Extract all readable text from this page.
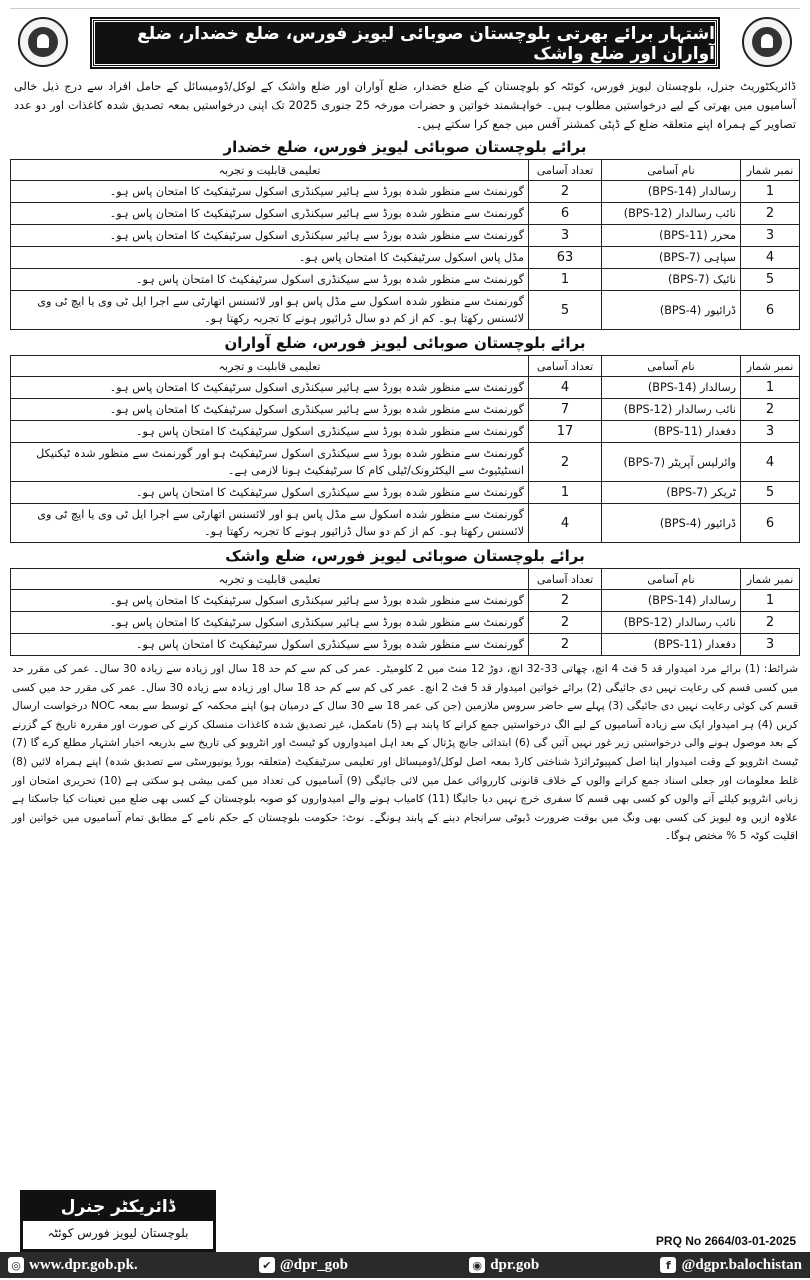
اشتہار برائے بھرتی بلوچستان صوبائی لیویز فورس، ضلع خضدار، ضلع آواران اور ضلع واشک
ڈائریکٹوریٹ جنرل، بلوچستان لیویز فورس، کوئٹہ کو بلوچستان کے ضلع خضدار، ضلع آواران اور ضلع واشک کے لوکل/ڈومیسائل کے حامل افراد سے درج ذیل خالی آسامیوں میں بھرتی کے لیے درخواستیں مطلوب ہیں۔ خواہشمند خواتین و حضرات مورخہ 25 جنوری 2025 تک اپنی درخواستیں بمعہ تصدیق شدہ کاغذات اور دو عدد تصاویر کے ہمراہ اپنے متعلقہ ضلع کے ڈپٹی کمشنر آفس میں جمع کرا سکتے ہیں۔
برائے بلوچستان صوبائی لیویز فورس، ضلع خضدار
نمبر شمار	نام آسامی	تعداد آسامی	تعلیمی قابلیت و تجربہ
1	رسالدار (BPS-14)	2	گورنمنٹ سے منظور شدہ بورڈ سے ہائیر سیکنڈری اسکول سرٹیفکیٹ کا امتحان پاس ہو۔
2	نائب رسالدار (BPS-12)	6	گورنمنٹ سے منظور شدہ بورڈ سے ہائیر سیکنڈری اسکول سرٹیفکیٹ کا امتحان پاس ہو۔
3	محرر (BPS-11)	3	گورنمنٹ سے منظور شدہ بورڈ سے ہائیر سیکنڈری اسکول سرٹیفکیٹ کا امتحان پاس ہو۔
4	سپاہی (BPS-7)	63	مڈل پاس اسکول سرٹیفکیٹ کا امتحان پاس ہو۔
5	نائیک (BPS-7)	1	گورنمنٹ سے منظور شدہ بورڈ سے سیکنڈری اسکول سرٹیفکیٹ کا امتحان پاس ہو۔
6	ڈرائیور (BPS-4)	5	گورنمنٹ سے منظور شدہ اسکول سے مڈل پاس ہو اور لائسنس اتھارٹی سے اجرا ایل ٹی وی یا ایچ ٹی وی لائسنس رکھتا ہو۔ کم از کم دو سال ڈرائیور ہونے کا تجربہ رکھتا ہو۔
برائے بلوچستان صوبائی لیویز فورس، ضلع آواران
نمبر شمار	نام آسامی	تعداد آسامی	تعلیمی قابلیت و تجربہ
1	رسالدار (BPS-14)	4	گورنمنٹ سے منظور شدہ بورڈ سے ہائیر سیکنڈری اسکول سرٹیفکیٹ کا امتحان پاس ہو۔
2	نائب رسالدار (BPS-12)	7	گورنمنٹ سے منظور شدہ بورڈ سے ہائیر سیکنڈری اسکول سرٹیفکیٹ کا امتحان پاس ہو۔
3	دفعدار (BPS-11)	17	گورنمنٹ سے منظور شدہ بورڈ سے سیکنڈری اسکول سرٹیفکیٹ کا امتحان پاس ہو۔
4	وائرلیس آپریٹر (BPS-7)	2	گورنمنٹ سے منظور شدہ بورڈ سے سیکنڈری اسکول سرٹیفکیٹ ہو اور گورنمنٹ سے منظور شدہ ٹیکنیکل انسٹیٹیوٹ سے الیکٹرونک/ٹیلی کام کا سرٹیفکیٹ ہونا لازمی ہے۔
5	ٹریکر (BPS-7)	1	گورنمنٹ سے منظور شدہ بورڈ سے سیکنڈری اسکول سرٹیفکیٹ کا امتحان پاس ہو۔
6	ڈرائیور (BPS-4)	4	گورنمنٹ سے منظور شدہ اسکول سے مڈل پاس ہو اور لائسنس اتھارٹی سے اجرا ایل ٹی وی یا ایچ ٹی وی لائسنس رکھتا ہو۔ کم از کم دو سال ڈرائیور ہونے کا تجربہ رکھتا ہو۔
برائے بلوچستان صوبائی لیویز فورس، ضلع واشک
نمبر شمار	نام آسامی	تعداد آسامی	تعلیمی قابلیت و تجربہ
1	رسالدار (BPS-14)	2	گورنمنٹ سے منظور شدہ بورڈ سے ہائیر سیکنڈری اسکول سرٹیفکیٹ کا امتحان پاس ہو۔
2	نائب رسالدار (BPS-12)	2	گورنمنٹ سے منظور شدہ بورڈ سے ہائیر سیکنڈری اسکول سرٹیفکیٹ کا امتحان پاس ہو۔
3	دفعدار (BPS-11)	2	گورنمنٹ سے منظور شدہ بورڈ سے سیکنڈری اسکول سرٹیفکیٹ کا امتحان پاس ہو۔
شرائط: (1) برائے مرد امیدوار قد 5 فٹ 4 انچ، چھاتی 33-32 انچ، دوڑ 12 منٹ میں 2 کلومیٹر۔ عمر کی کم سے کم حد 18 سال اور زیادہ سے زیادہ 30 سال۔ عمر کی مقرر حد میں کسی قسم کی رعایت نہیں دی جائیگی (2) برائے خواتین امیدوار قد 5 فٹ 2 انچ۔ عمر کی کم سے کم حد 18 سال اور زیادہ سے زیادہ 30 سال۔ عمر کی مقرر حد میں کسی قسم کی کوئی رعایت نہیں دی جائیگی (3) پہلے سے حاضر سروس ملازمین (جن کی عمر 18 سے 30 سال کے درمیان ہو) اپنے محکمہ کے توسط سے بمعہ NOC درخواست ارسال کریں (4) ہر امیدوار ایک سے زیادہ آسامیوں کے لیے الگ درخواستیں جمع کرانے کا پابند ہے (5) نامکمل، غیر تصدیق شدہ کاغذات منسلک کرنے کی صورت اور مقررہ تاریخ کے گزرنے کے بعد موصول ہونے والی درخواستیں زیر غور نہیں آئیں گی (6) ابتدائی جانچ پڑتال کے بعد اہل امیدواروں کو ٹیسٹ اور انٹرویو کی تاریخ سے بذریعہ اخبار اشتہار مطلع کرے گا (7) ٹیسٹ انٹرویو کے وقت امیدوار اپنا اصل کمپیوٹرائزڈ شناختی کارڈ بمعہ اصل لوکل/ڈومیسائل اور تعلیمی سرٹیفکیٹ (متعلقہ بورڈ یونیورسٹی سے تصدیق شدہ) اپنے ہمراہ لائیں (8) غلط معلومات اور جعلی اسناد جمع کرانے والوں کے خلاف قانونی کارروائی عمل میں لائی جائیگی (9) آسامیوں کی تعداد میں کمی بیشی ہو سکتی ہے (10) تحریری امتحان اور زبانی انٹرویو کیلئے آنے والوں کو کسی بھی قسم کا سفری خرچ نہیں دیا جائیگا (11) کامیاب ہونے والے امیدواروں کو صوبہ بلوچستان کے کسی بھی ضلع میں تعینات کیا جاسکتا ہے علاوہ ازیں وہ لیویز کی کسی بھی ونگ میں بوقت ضرورت ڈیوٹی سرانجام دینے کے پابند ہونگے۔ نوٹ: حکومت بلوچستان کے حکم نامے کے مطابق تمام آسامیوں میں خواتین اور اقلیت کوٹہ 5 % مختص ہوگا۔
ڈائریکٹر جنرل
بلوچستان لیویز فورس کوئٹہ
PRQ No 2664/03-01-2025
◎ www.dpr.gob.pk.	✔ @dpr_gob	◉ dpr.gob	f @dgpr.balochistan
